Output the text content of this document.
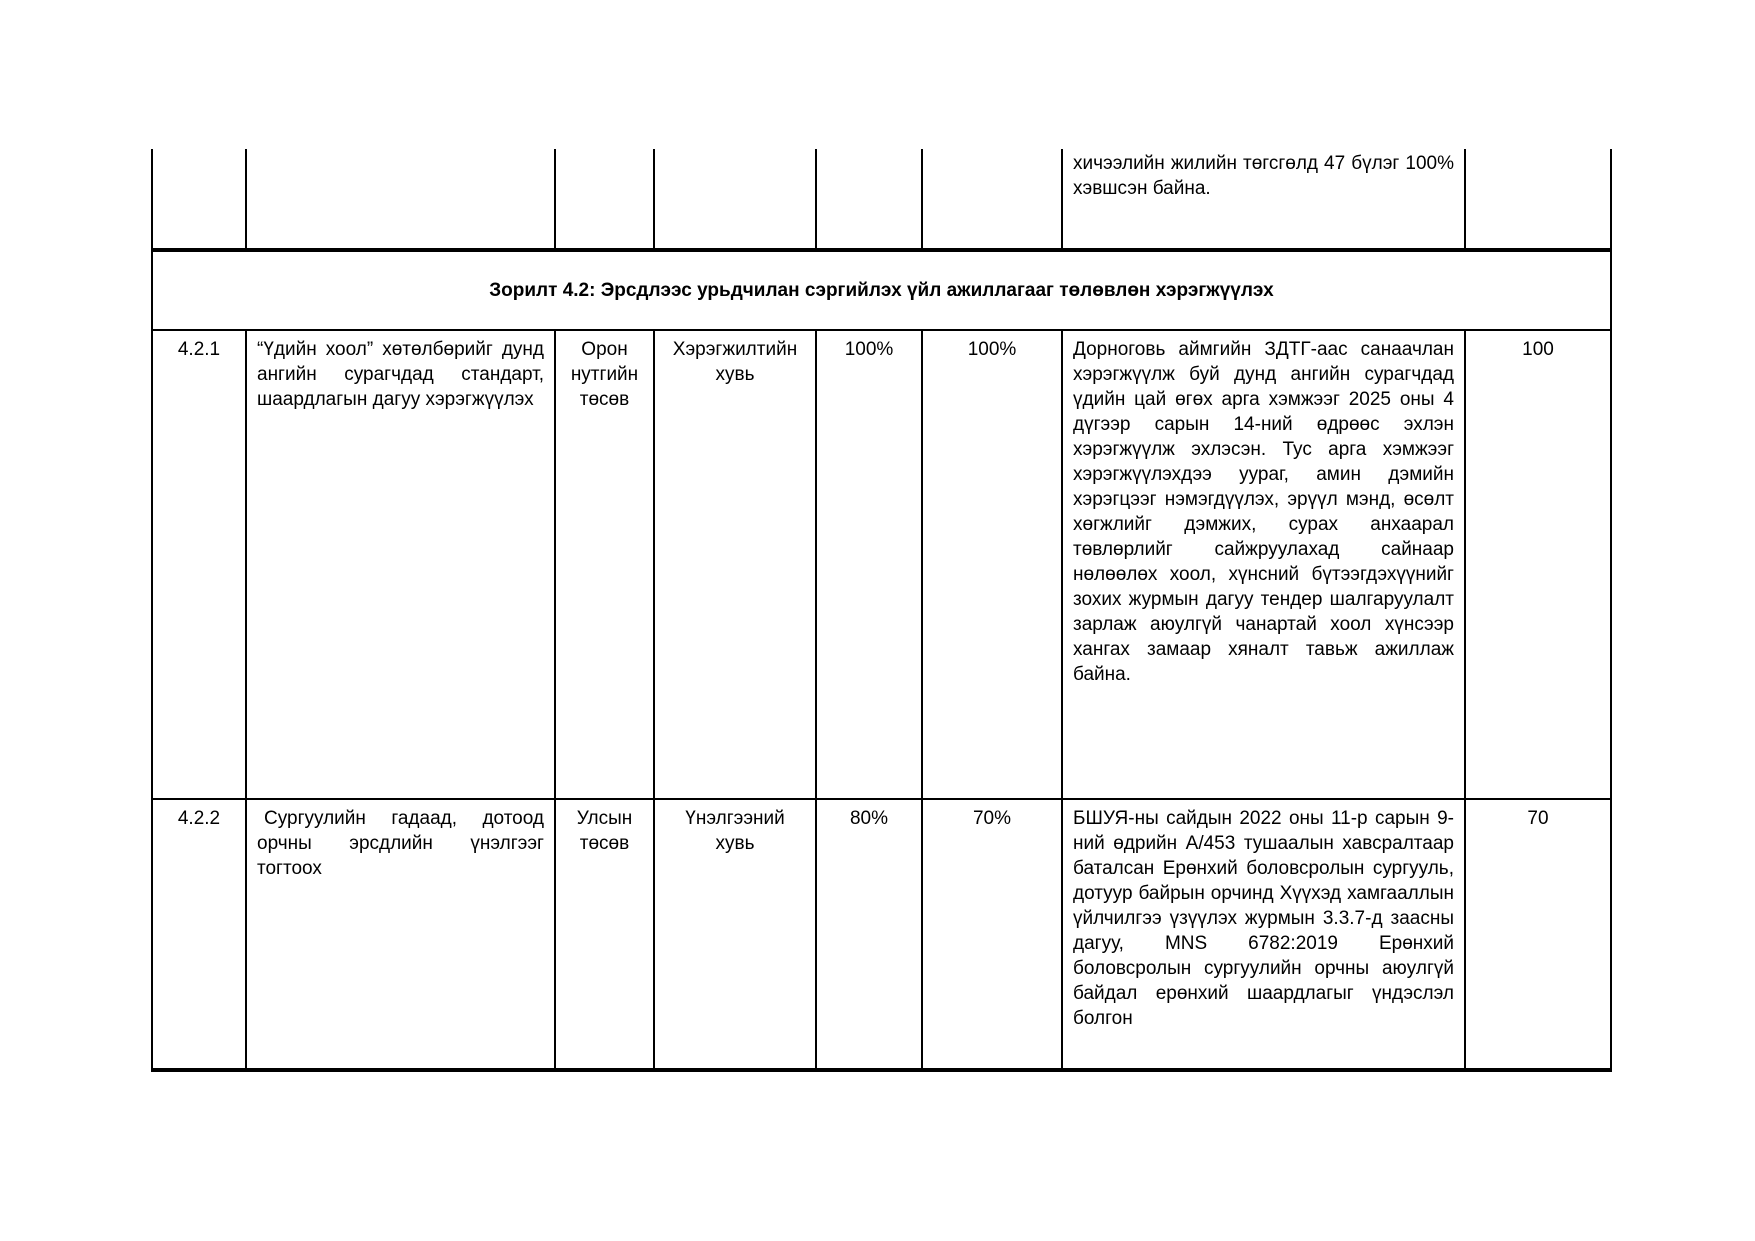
						хичээлийн жилийн төгсгөлд 47 бүлэг 100% хэвшсэн байна.	
Зорилт 4.2: Эрсдлээс урьдчилан сэргийлэх үйл ажиллагааг төлөвлөн хэрэгжүүлэх							
4.2.1	“Үдийн хоол” хөтөлбөрийг дунд ангийн сурагчдад стандарт, шаардлагын дагуу хэрэгжүүлэх	Орон нутгийн төсөв	Хэрэгжилтийн хувь	100%	100%	Дорноговь аймгийн ЗДТГ-аас санаачлан хэрэгжүүлж буй дунд ангийн сурагчдад үдийн цай өгөх арга хэмжээг 2025 оны 4 дүгээр сарын 14-ний өдрөөс эхлэн хэрэгжүүлж эхлэсэн. Тус арга хэмжээг хэрэгжүүлэхдээ уураг, амин дэмийн хэрэгцээг нэмэгдүүлэх, эрүүл мэнд, өсөлт хөгжлийг дэмжих, сурах анхаарал төвлөрлийг сайжруулахад сайнаар нөлөөлөх хоол, хүнсний бүтээгдэхүүнийг зохих журмын дагуу тендер шалгаруулалт зарлаж аюулгүй чанартай хоол хүнсээр хангах замаар хяналт тавьж ажиллаж байна.	100
4.2.2	Сургуулийн гадаад, дотоод орчны эрсдлийн үнэлгээг тогтоох	Улсын төсөв	Үнэлгээний хувь	80%	70%	БШУЯ-ны сайдын 2022 оны 11-р сарын 9-ний өдрийн А/453 тушаалын хавсралтаар баталсан Ерөнхий боловсролын сургууль, дотуур байрын орчинд Хүүхэд хамгааллын үйлчилгээ үзүүлэх журмын 3.3.7-д заасны дагуу, MNS 6782:2019 Ерөнхий боловсролын сургуулийн орчны аюулгүй байдал ерөнхий шаардлагыг үндэслэл болгон	70
